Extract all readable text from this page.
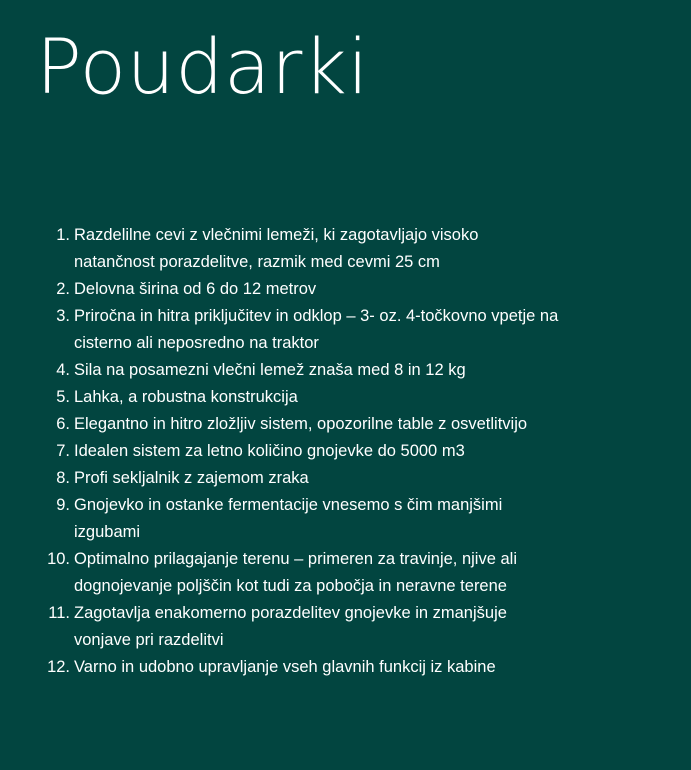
Poudarki
1. Razdelilne cevi z vlečnimi lemeži, ki zagotavljajo visoko natančnost porazdelitve, razmik med cevmi 25 cm
2. Delovna širina od 6 do 12 metrov
3. Priročna in hitra priključitev in odklop – 3- oz. 4-točkovno vpetje na cisterno ali neposredno na traktor
4. Sila na posamezni vlečni lemež znaša med 8 in 12 kg
5. Lahka, a robustna konstrukcija
6. Elegantno in hitro zložljiv sistem, opozorilne table z osvetlitvijo
7. Idealen sistem za letno količino gnojevke do 5000 m3
8. Profi sekljalnik z zajemom zraka
9. Gnojevko in ostanke fermentacije vnesemo s čim manjšimi izgubami
10. Optimalno prilagajanje terenu – primeren za travinje, njive ali dognojevanje poljščin kot tudi za pobočja in neravne terene
11. Zagotavlja enakomerno porazdelitev gnojevke in zmanjšuje vonjave pri razdelitvi
12. Varno in udobno upravljanje vseh glavnih funkcij iz kabine
